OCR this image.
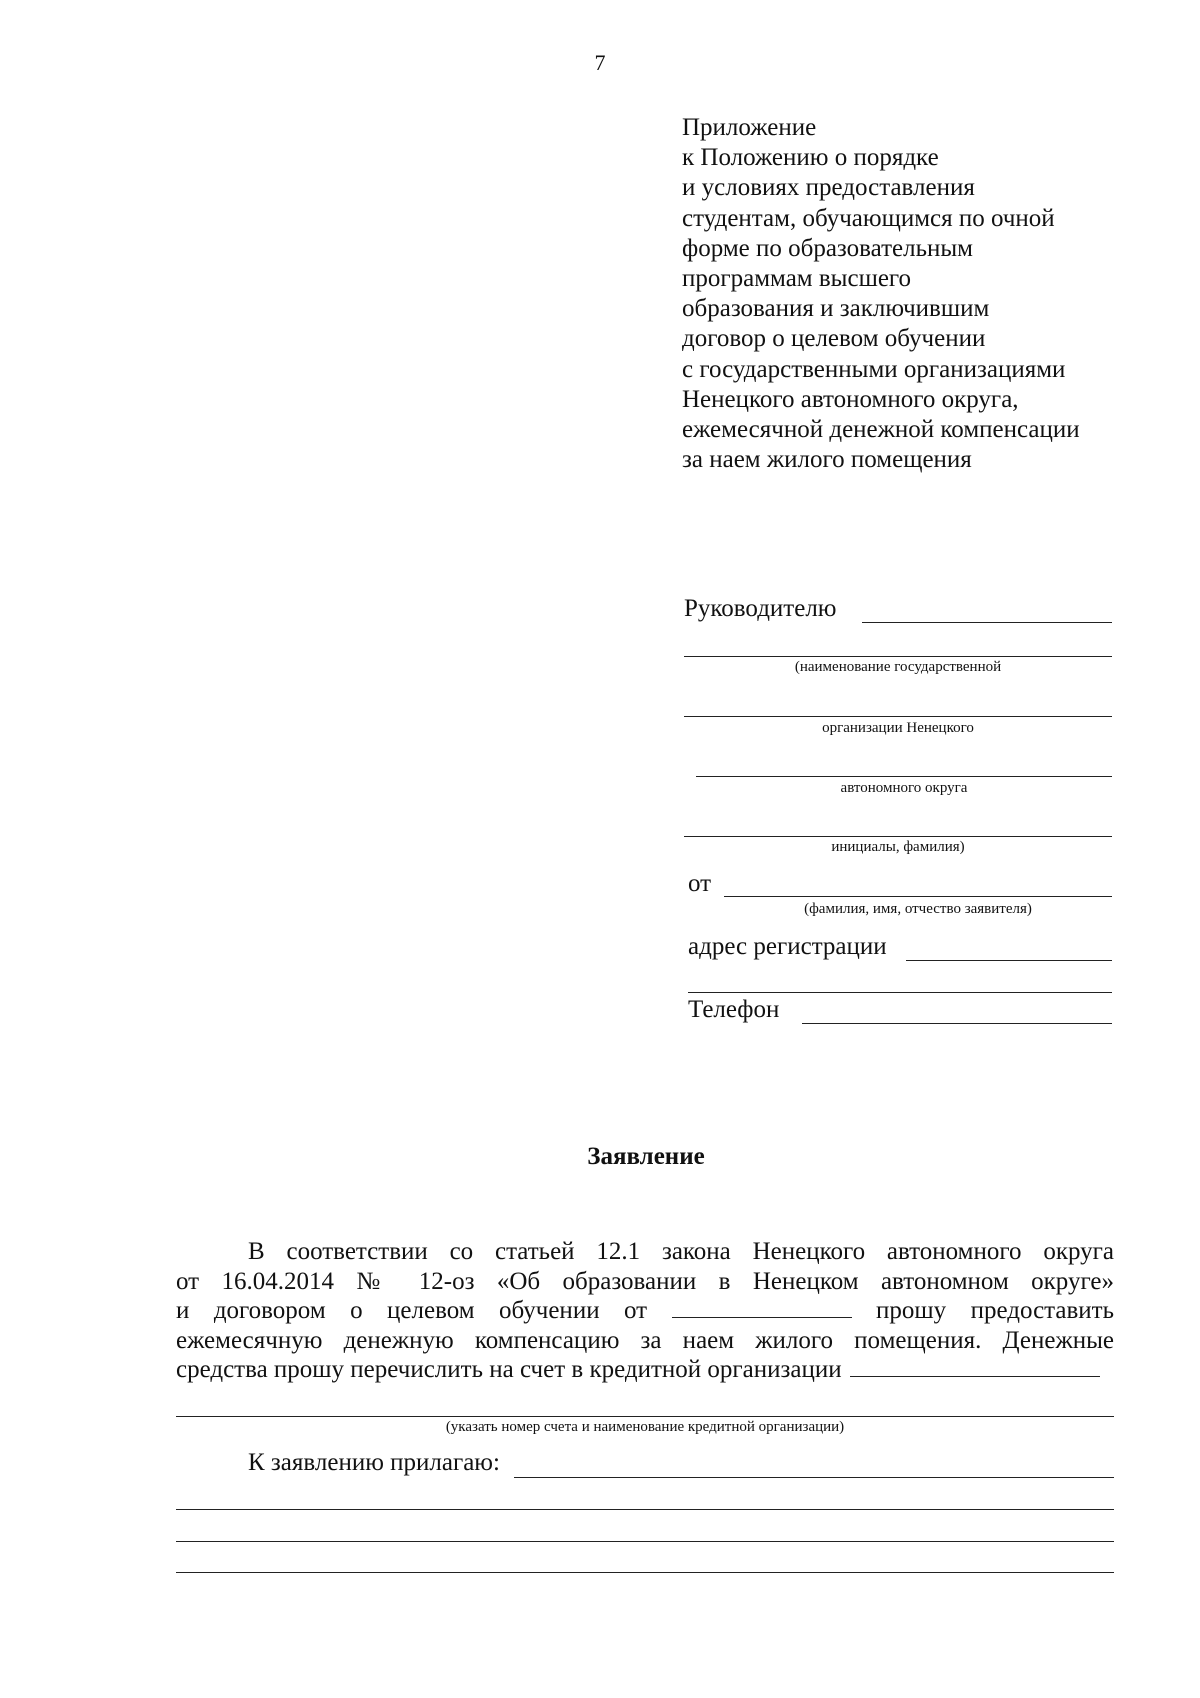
7
Приложение
к Положению о порядке
и условиях предоставления
студентам, обучающимся по очной
форме по образовательным
программам высшего
образования и заключившим
договор о целевом обучении
с государственными организациями
Ненецкого автономного округа,
ежемесячной денежной компенсации
за наем жилого помещения
Руководителю
(наименование государственной
организации Ненецкого
автономного округа
инициалы, фамилия)
от
(фамилия, имя, отчество заявителя)
адрес регистрации
Телефон
Заявление
В соответствии со статьей 12.1 закона Ненецкого автономного округа
от 16.04.2014 № 12-оз «Об образовании в Ненецком автономном округе»
и договором о целевом обучении от	прошу предоставить
ежемесячную денежную компенсацию за наем жилого помещения. Денежные
средства прошу перечислить на счет в кредитной организации
(указать номер счета и наименование кредитной организации)
К заявлению прилагаю:
